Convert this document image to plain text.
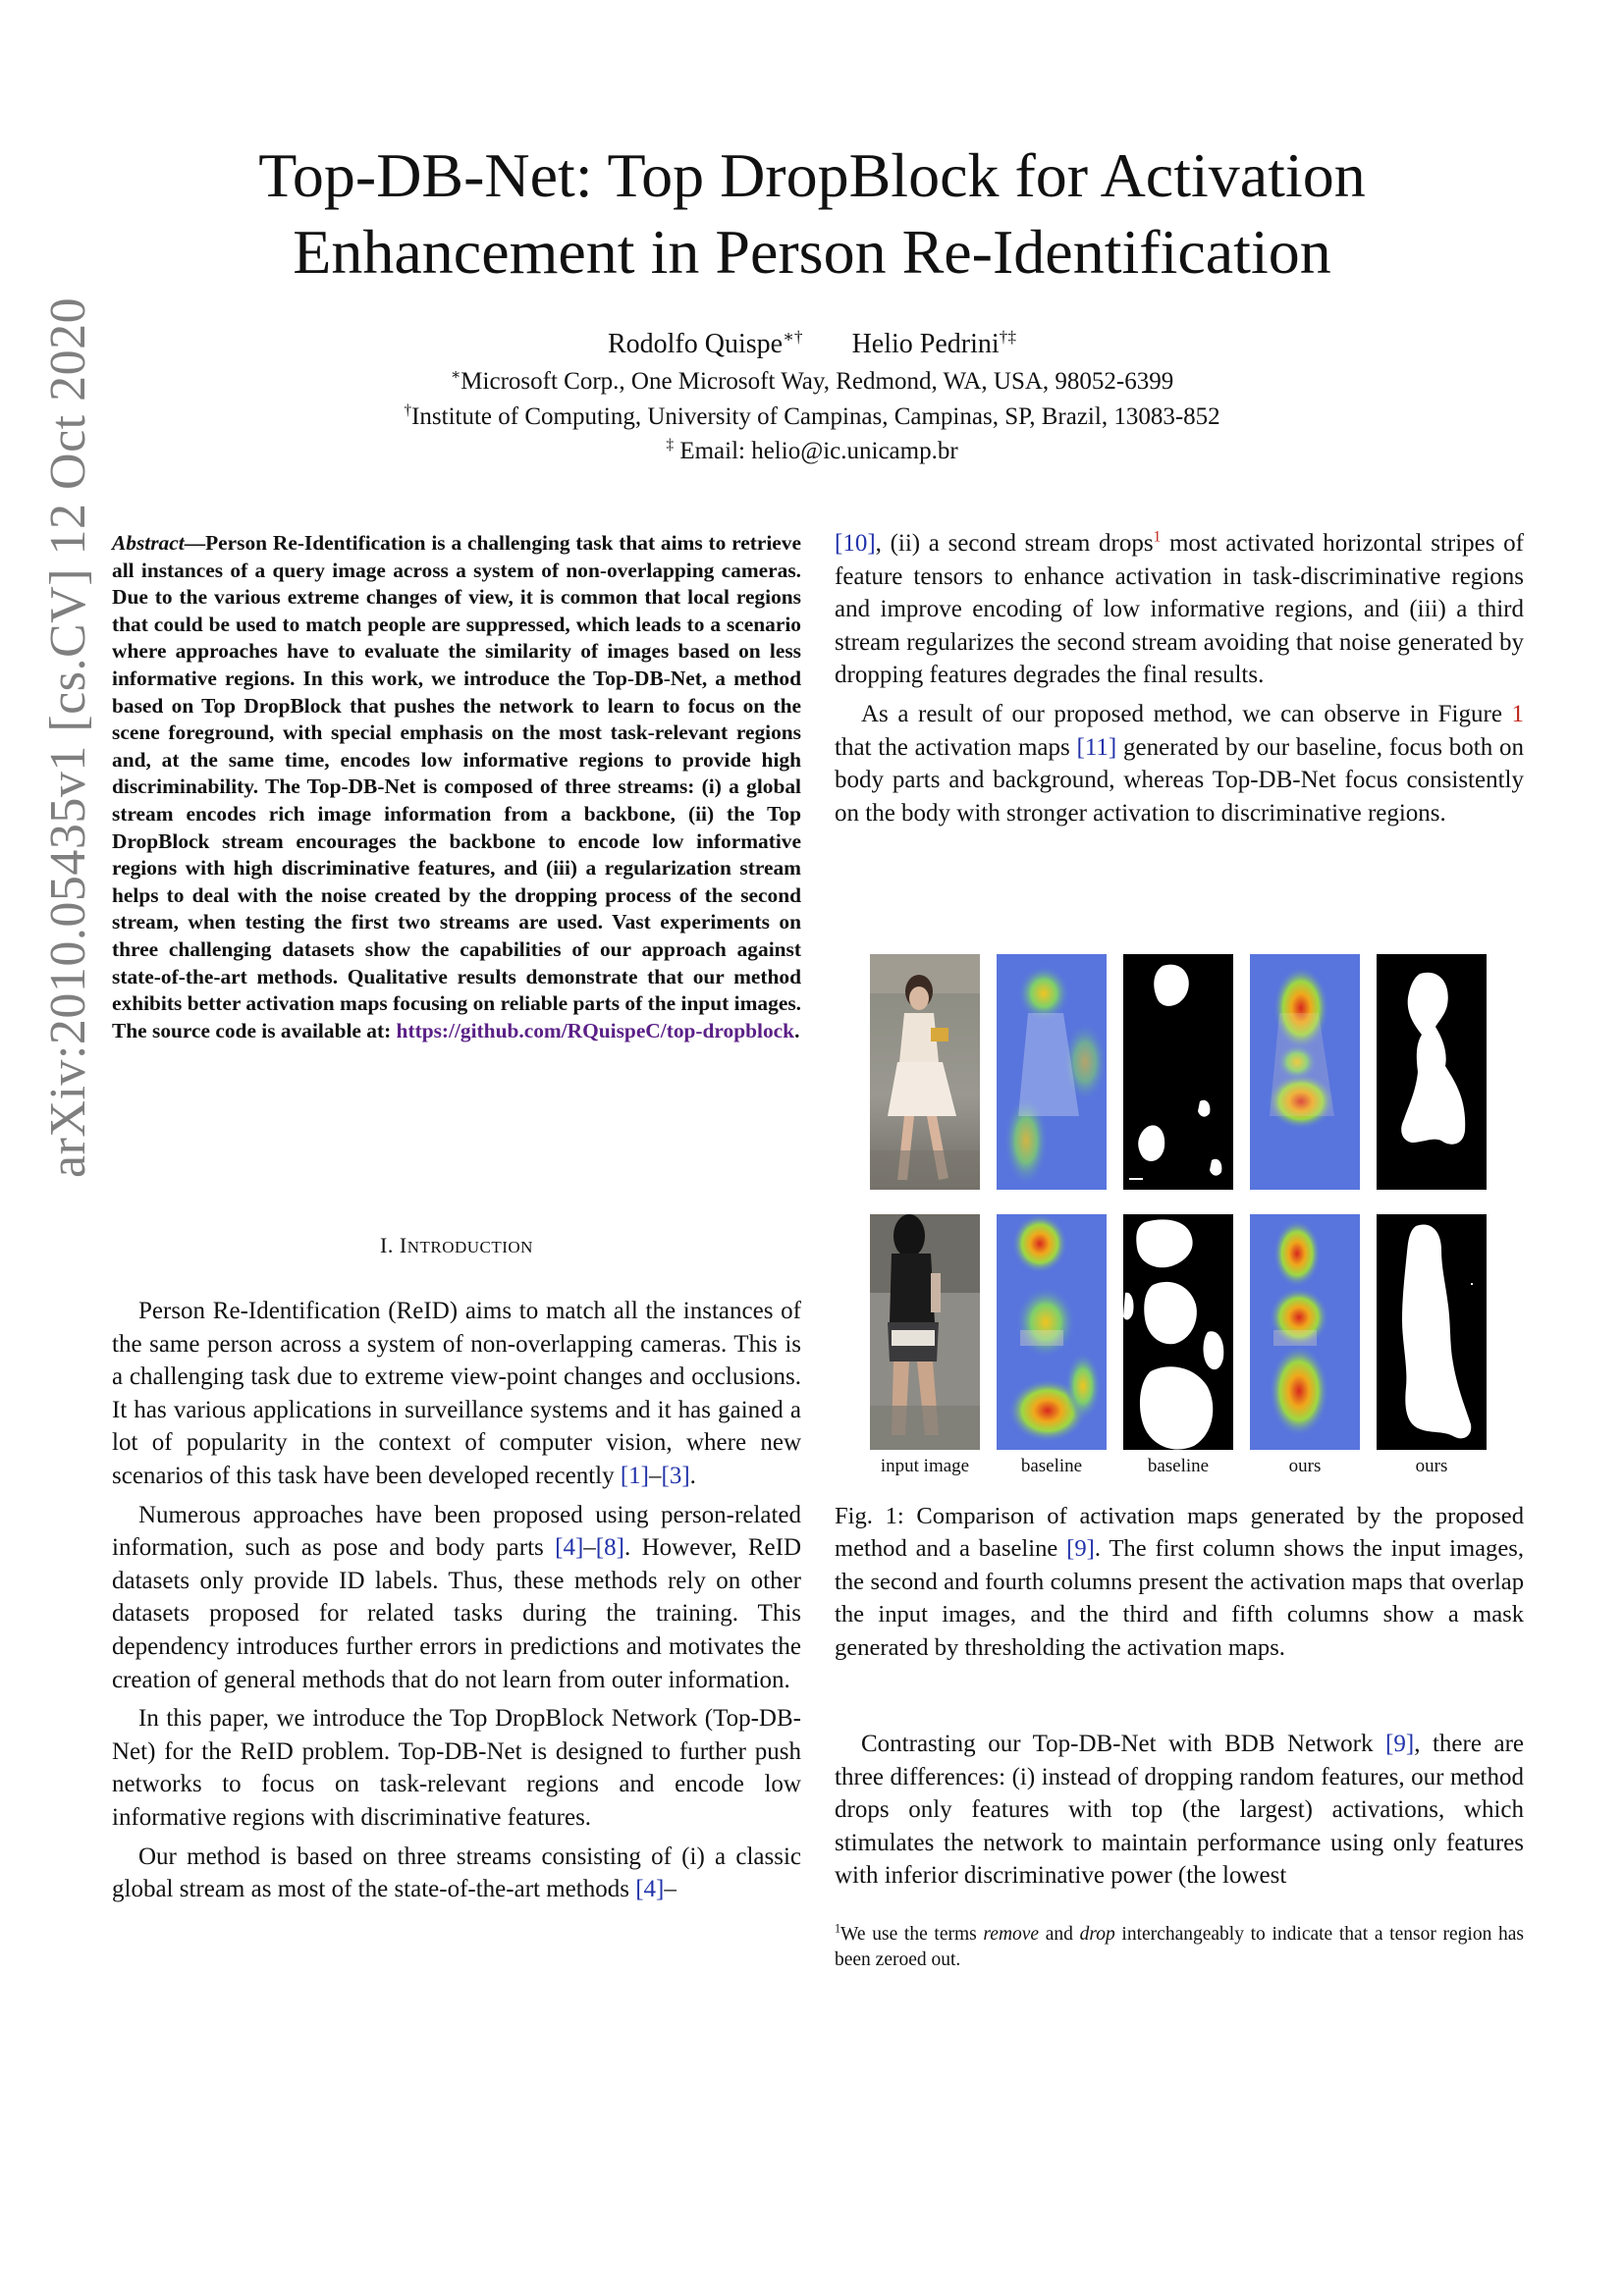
arXiv:2010.05435v1 [cs.CV] 12 Oct 2020
Top-DB-Net: Top DropBlock for Activation
Enhancement in Person Re-Identification
Rodolfo Quispe∗† Helio Pedrini†‡
∗Microsoft Corp., One Microsoft Way, Redmond, WA, USA, 98052-6399
†Institute of Computing, University of Campinas, Campinas, SP, Brazil, 13083-852
‡ Email: helio@ic.unicamp.br
Abstract—Person Re-Identification is a challenging task that aims to retrieve all instances of a query image across a system of non-overlapping cameras. Due to the various extreme changes of view, it is common that local regions that could be used to match people are suppressed, which leads to a scenario where approaches have to evaluate the similarity of images based on less informative regions. In this work, we introduce the Top-DB-Net, a method based on Top DropBlock that pushes the network to learn to focus on the scene foreground, with special emphasis on the most task-relevant regions and, at the same time, encodes low informative regions to provide high discriminability. The Top-DB-Net is composed of three streams: (i) a global stream encodes rich image information from a backbone, (ii) the Top DropBlock stream encourages the backbone to encode low informative regions with high discriminative features, and (iii) a regularization stream helps to deal with the noise created by the dropping process of the second stream, when testing the first two streams are used. Vast experiments on three challenging datasets show the capabilities of our approach against state-of-the-art methods. Qualitative results demonstrate that our method exhibits better activation maps focusing on reliable parts of the input images. The source code is available at: https://github.com/RQuispeC/top-dropblock.
I. INTRODUCTION

Person Re-Identification (ReID) aims to match all the instances of the same person across a system of non-overlapping cameras. This is a challenging task due to extreme view-point changes and occlusions. It has various applications in surveillance systems and it has gained a lot of popularity in the context of computer vision, where new scenarios of this task have been developed recently [1]–[3].

Numerous approaches have been proposed using person-related information, such as pose and body parts [4]–[8]. However, ReID datasets only provide ID labels. Thus, these methods rely on other datasets proposed for related tasks during the training. This dependency introduces further errors in predictions and motivates the creation of general methods that do not learn from outer information.

In this paper, we introduce the Top DropBlock Network (Top-DB-Net) for the ReID problem. Top-DB-Net is designed to further push networks to focus on task-relevant regions and encode low informative regions with discriminative features.

Our method is based on three streams consisting of (i) a classic global stream as most of the state-of-the-art methods [4]–

[10], (ii) a second stream drops$^1$ most activated horizontal stripes of feature tensors to enhance activation in task-discriminative regions and improve encoding of low informative regions, and (iii) a third stream regularizes the second stream avoiding that noise generated by dropping features degrades the final results.

As a result of our proposed method, we can observe in Figure 1 that the activation maps [11] generated by our baseline, focus both on body parts and background, whereas Top-DB-Net focus consistently on the body with stronger activation to discriminative regions.

input image	baseline	baseline	ours	ours
Fig. 1: Comparison of activation maps generated by the proposed method and a baseline [9]. The first column shows the input images, the second and fourth columns present the activation maps that overlap the input images, and the third and fifth columns show a mask generated by thresholding the activation maps.

Contrasting our Top-DB-Net with BDB Network [9], there are three differences: (i) instead of dropping random features, our method drops only features with top (the largest) activations, which stimulates the network to maintain performance using only features with inferior discriminative power (the lowest

$^1$We use the terms remove and drop interchangeably to indicate that a tensor region has been zeroed out.
